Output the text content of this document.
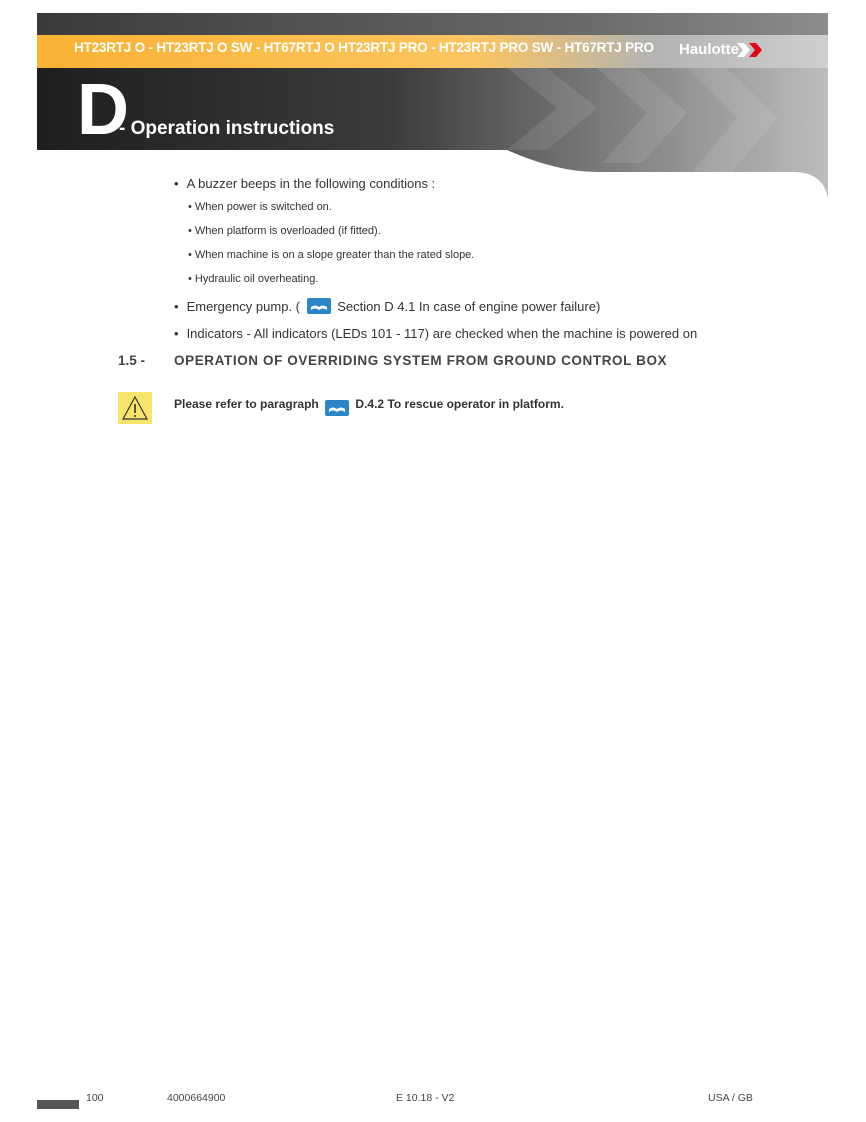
HT23RTJ O - HT23RTJ O SW - HT67RTJ O HT23RTJ PRO - HT23RTJ PRO SW - HT67RTJ PRO Haulotte
D
- Operation instructions
• A buzzer beeps in the following conditions :
• When power is switched on.
• When platform is overloaded (if fitted).
• When machine is on a slope greater than the rated slope.
• Hydraulic oil overheating.
• Emergency pump. (	Section D 4.1 In case of engine power failure)
• Indicators - All indicators (LEDs 101 - 117) are checked when the machine is powered on
1.5 - OPERATION OF OVERRIDING SYSTEM FROM GROUND CONTROL BOX
Please refer to paragraph	D.4.2 To rescue operator in platform.
100	4000664900	E 10.18 - V2	USA / GB
